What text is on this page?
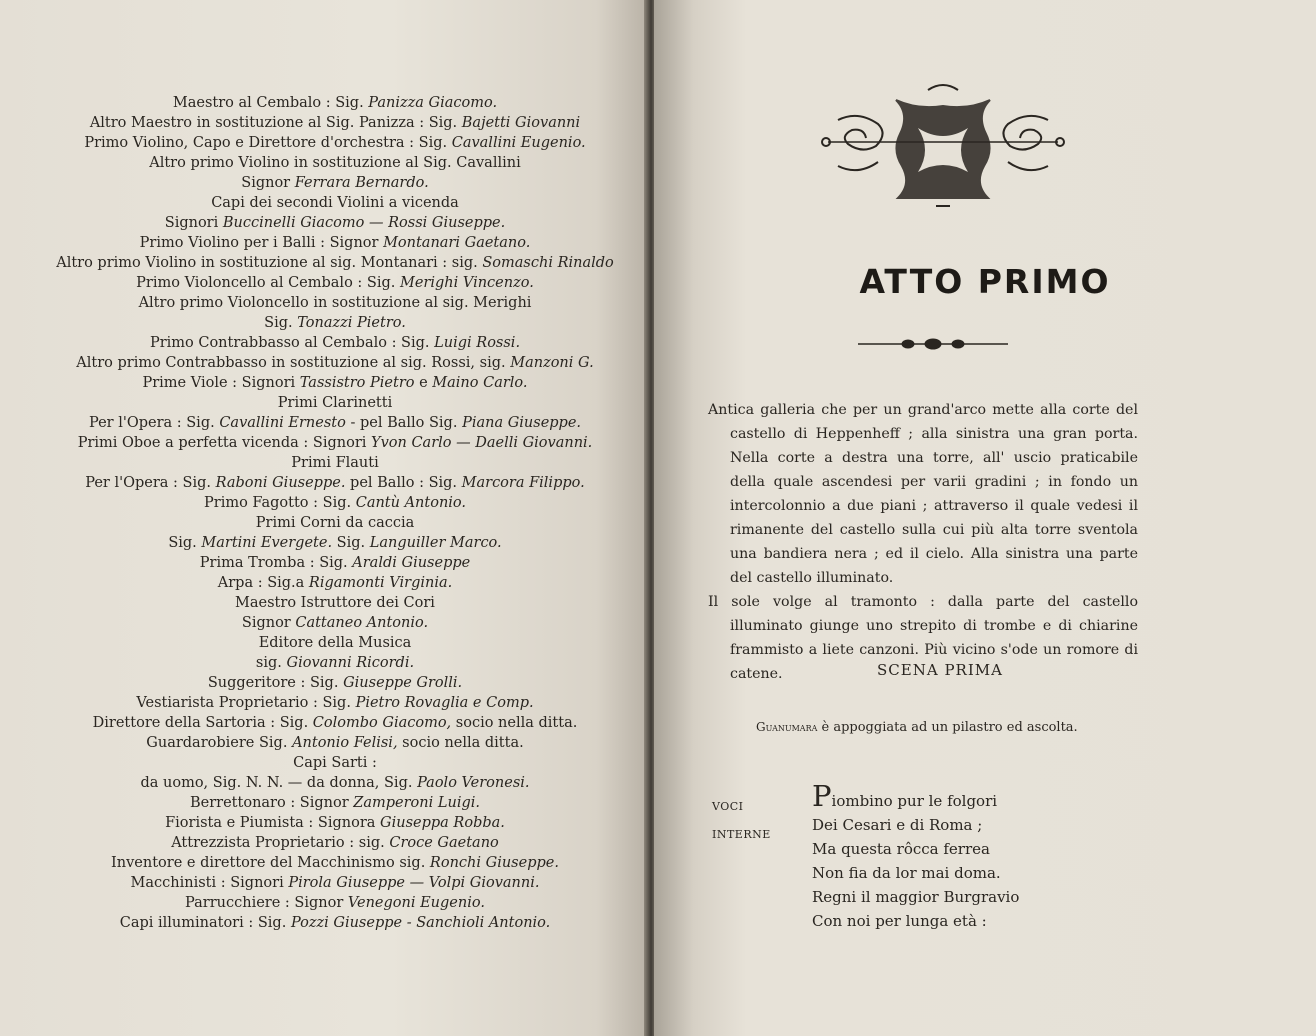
Maestro al Cembalo : Sig. Panizza Giacomo.
Altro Maestro in sostituzione al Sig. Panizza : Sig. Bajetti Giovanni
Primo Violino, Capo e Direttore d'orchestra : Sig. Cavallini Eugenio.
Altro primo Violino in sostituzione al Sig. Cavallini
Signor Ferrara Bernardo.
Capi dei secondi Violini a vicenda
Signori Buccinelli Giacomo — Rossi Giuseppe.
Primo Violino per i Balli : Signor Montanari Gaetano.
Altro primo Violino in sostituzione al sig. Montanari : sig. Somaschi Rinaldo
Primo Violoncello al Cembalo : Sig. Merighi Vincenzo.
Altro primo Violoncello in sostituzione al sig. Merighi
Sig. Tonazzi Pietro.
Primo Contrabbasso al Cembalo : Sig. Luigi Rossi.
Altro primo Contrabbasso in sostituzione al sig. Rossi, sig. Manzoni G.
Prime Viole : Signori Tassistro Pietro e Maino Carlo.
Primi Clarinetti
Per l'Opera : Sig. Cavallini Ernesto - pel Ballo Sig. Piana Giuseppe.
Primi Oboe a perfetta vicenda : Signori Yvon Carlo — Daelli Giovanni.
Primi Flauti
Per l'Opera : Sig. Raboni Giuseppe. pel Ballo : Sig. Marcora Filippo.
Primo Fagotto : Sig. Cantù Antonio.
Primi Corni da caccia
Sig. Martini Evergete. Sig. Languiller Marco.
Prima Tromba : Sig. Araldi Giuseppe
Arpa : Sig.a Rigamonti Virginia.
Maestro Istruttore dei Cori
Signor Cattaneo Antonio.
Editore della Musica
sig. Giovanni Ricordi.
Suggeritore : Sig. Giuseppe Grolli.
Vestiarista Proprietario : Sig. Pietro Rovaglia e Comp.
Direttore della Sartoria : Sig. Colombo Giacomo, socio nella ditta.
Guardarobiere Sig. Antonio Felisi, socio nella ditta.
Capi Sarti :
da uomo, Sig. N. N. — da donna, Sig. Paolo Veronesi.
Berrettonaro : Signor Zamperoni Luigi.
Fiorista e Piumista : Signora Giuseppa Robba.
Attrezzista Proprietario : sig. Croce Gaetano
Inventore e direttore del Macchinismo sig. Ronchi Giuseppe.
Macchinisti : Signori Pirola Giuseppe — Volpi Giovanni.
Parrucchiere : Signor Venegoni Eugenio.
Capi illuminatori : Sig. Pozzi Giuseppe - Sanchioli Antonio.
ATTO PRIMO

Antica galleria che per un grand'arco mette alla corte del castello di Heppenheff ; alla sinistra una gran porta. Nella corte a destra una torre, all' uscio praticabile della quale ascendesi per varii gradini ; in fondo un intercolonnio a due piani ; attraverso il quale vedesi il rimanente del castello sulla cui più alta torre sventola una bandiera nera ; ed il cielo. Alla sinistra una parte del castello illuminato.

Il sole volge al tramonto : dalla parte del castello illuminato giunge uno strepito di trombe e di chiarine frammisto a liete canzoni. Più vicino s'ode un romore di catene.	SCENA PRIMA
Guanumara è appoggiata ad un pilastro ed ascolta.
VOCI
INTERNE
Piombino pur le folgori
Dei Cesari e di Roma ;
Ma questa rôcca ferrea
Non fia da lor mai doma.
Regni il maggior Burgravio
Con noi per lunga età :
